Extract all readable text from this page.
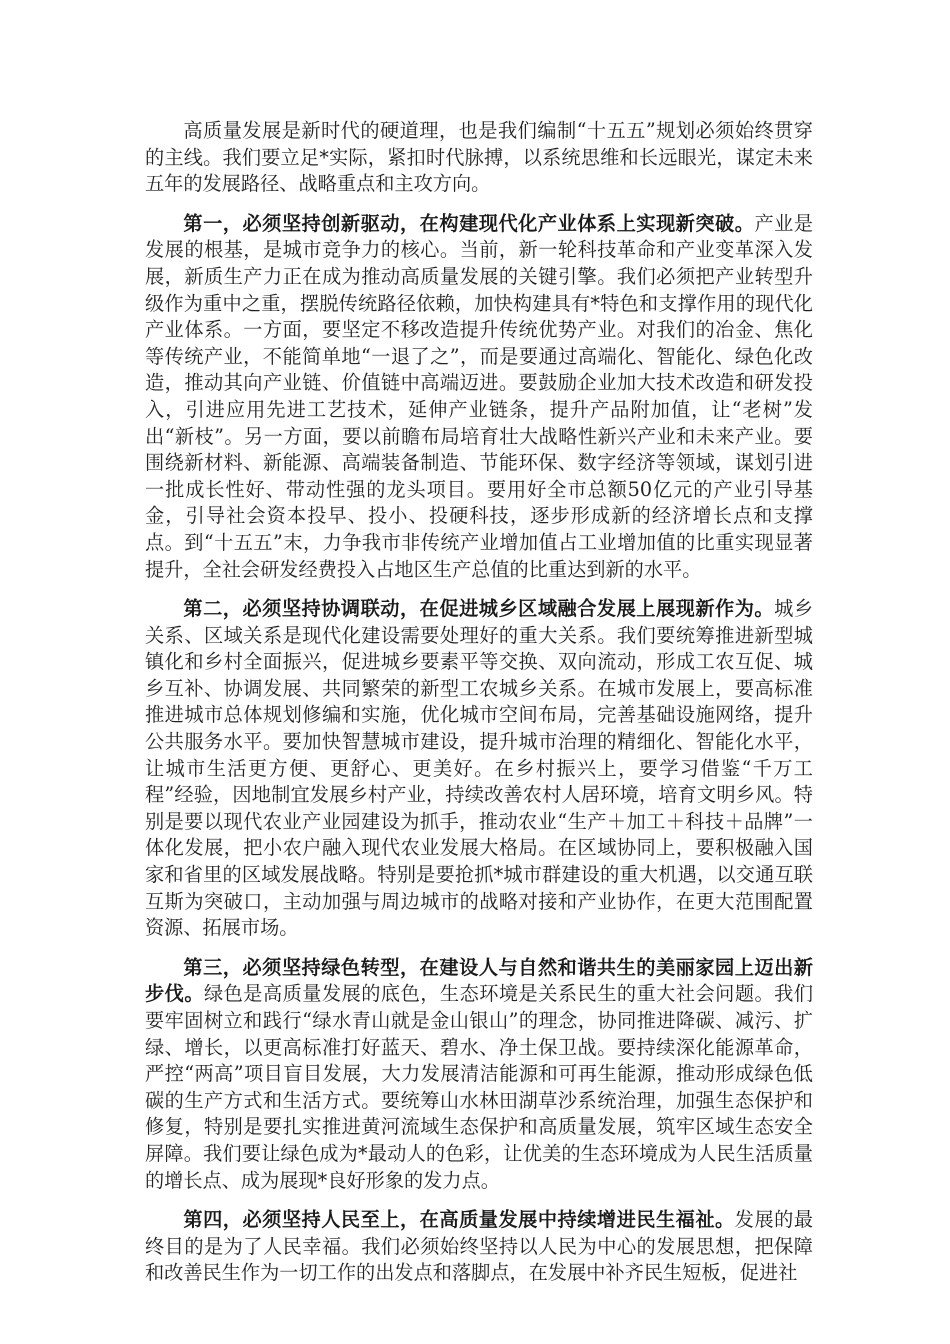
高质量发展是新时代的硬道理，也是我们编制“十五五”规划必须始终贯穿的主线。我们要立足*实际，紧扣时代脉搏，以系统思维和长远眼光，谋定未来五年的发展路径、战略重点和主攻方向。

第一，必须坚持创新驱动，在构建现代化产业体系上实现新突破。产业是发展的根基，是城市竞争力的核心。当前，新一轮科技革命和产业变革深入发展，新质生产力正在成为推动高质量发展的关键引擎。我们必须把产业转型升级作为重中之重，摆脱传统路径依赖，加快构建具有*特色和支撑作用的现代化产业体系。一方面，要坚定不移改造提升传统优势产业。对我们的冶金、焦化等传统产业，不能简单地“一退了之”，而是要通过高端化、智能化、绿色化改造，推动其向产业链、价值链中高端迈进。要鼓励企业加大技术改造和研发投入，引进应用先进工艺技术，延伸产业链条，提升产品附加值，让“老树”发出“新枝”。另一方面，要以前瞻布局培育壮大战略性新兴产业和未来产业。要围绕新材料、新能源、高端装备制造、节能环保、数字经济等领域，谋划引进一批成长性好、带动性强的龙头项目。要用好全市总额50亿元的产业引导基金，引导社会资本投早、投小、投硬科技，逐步形成新的经济增长点和支撑点。到“十五五”末，力争我市非传统产业增加值占工业增加值的比重实现显著提升，全社会研发经费投入占地区生产总值的比重达到新的水平。

第二，必须坚持协调联动，在促进城乡区域融合发展上展现新作为。城乡关系、区域关系是现代化建设需要处理好的重大关系。我们要统筹推进新型城镇化和乡村全面振兴，促进城乡要素平等交换、双向流动，形成工农互促、城乡互补、协调发展、共同繁荣的新型工农城乡关系。在城市发展上，要高标准推进城市总体规划修编和实施，优化城市空间布局，完善基础设施网络，提升公共服务水平。要加快智慧城市建设，提升城市治理的精细化、智能化水平，让城市生活更方便、更舒心、更美好。在乡村振兴上，要学习借鉴“千万工程”经验，因地制宜发展乡村产业，持续改善农村人居环境，培育文明乡风。特别是要以现代农业产业园建设为抓手，推动农业“生产＋加工＋科技＋品牌”一体化发展，把小农户融入现代农业发展大格局。在区域协同上，要积极融入国家和省里的区域发展战略。特别是要抢抓*城市群建设的重大机遇，以交通互联互斯为突破口，主动加强与周边城市的战略对接和产业协作，在更大范围配置资源、拓展市场。

第三，必须坚持绿色转型，在建设人与自然和谐共生的美丽家园上迈出新步伐。绿色是高质量发展的底色，生态环境是关系民生的重大社会问题。我们要牢固树立和践行“绿水青山就是金山银山”的理念，协同推进降碳、减污、扩绿、增长，以更高标准打好蓝天、碧水、净土保卫战。要持续深化能源革命，严控“两高”项目盲目发展，大力发展清洁能源和可再生能源，推动形成绿色低碳的生产方式和生活方式。要统筹山水林田湖草沙系统治理，加强生态保护和修复，特别是要扎实推进黄河流域生态保护和高质量发展，筑牢区域生态安全屏障。我们要让绿色成为*最动人的色彩，让优美的生态环境成为人民生活质量的增长点、成为展现*良好形象的发力点。

第四，必须坚持人民至上，在高质量发展中持续增进民生福祉。发展的最终目的是为了人民幸福。我们必须始终坚持以人民为中心的发展思想，把保障和改善民生作为一切工作的出发点和落脚点，在发展中补齐民生短板，促进社
